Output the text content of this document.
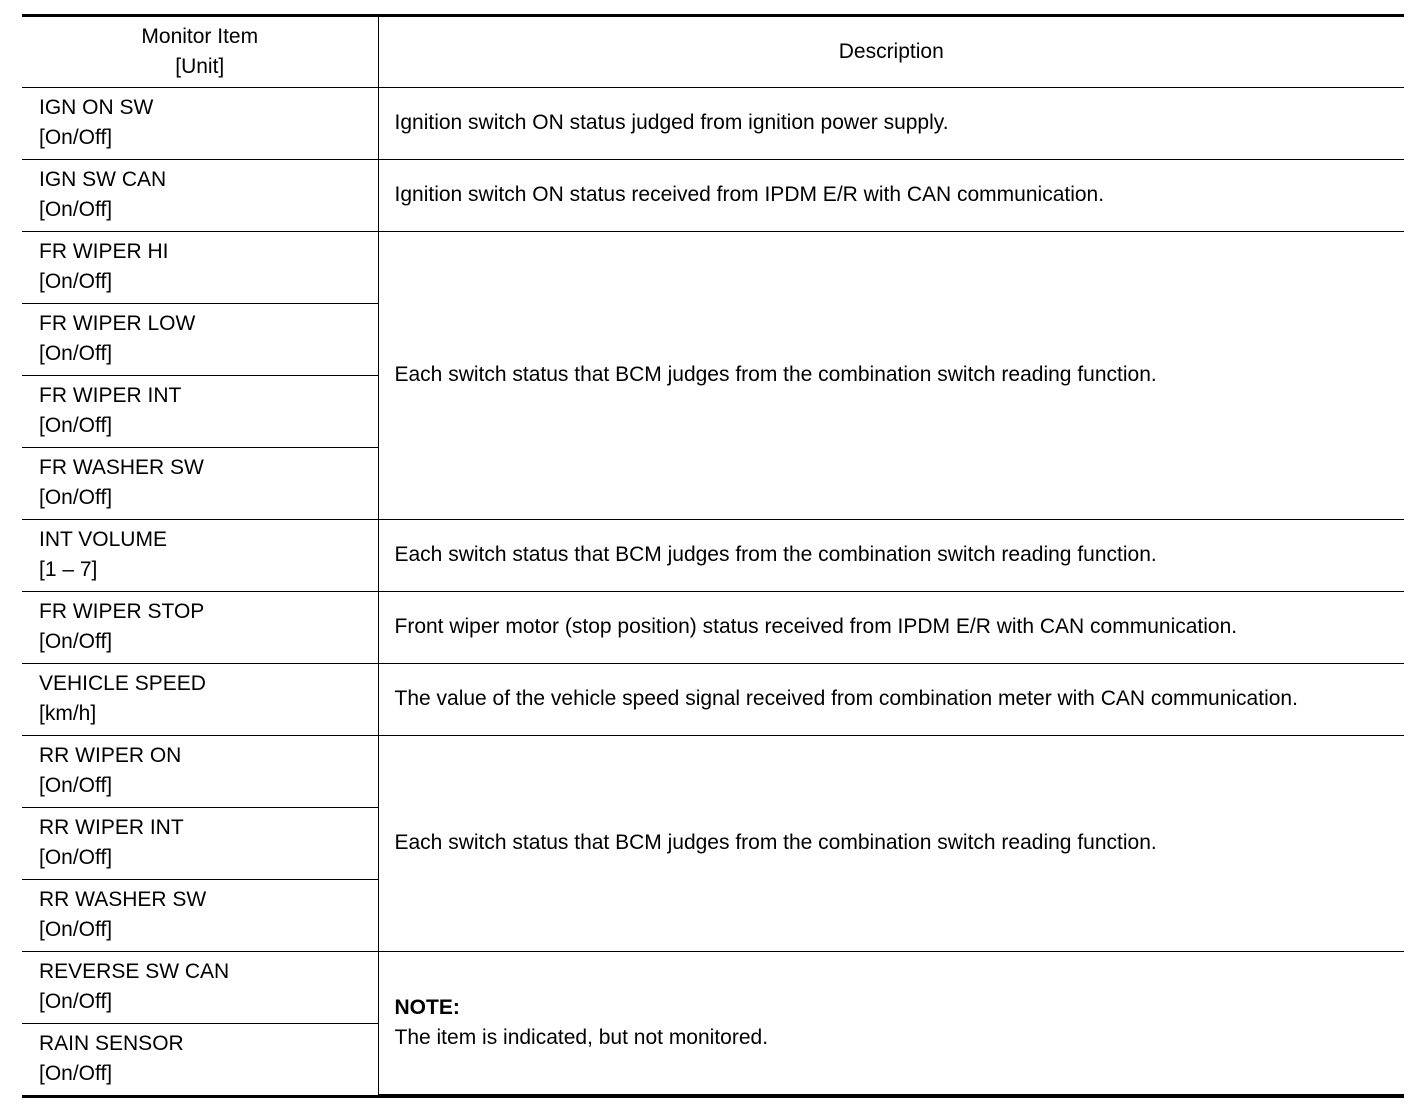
Monitor Item
[Unit]	Description

IGN ON SW
[On/Off]	Ignition switch ON status judged from ignition power supply.

IGN SW CAN
[On/Off]	Ignition switch ON status received from IPDM E/R with CAN communication.

FR WIPER HI
[On/Off]	Each switch status that BCM judges from the combination switch reading function.

FR WIPER LOW
[On/Off]	

FR WIPER INT
[On/Off]	

FR WASHER SW
[On/Off]	

INT VOLUME
[1 – 7]	Each switch status that BCM judges from the combination switch reading function.

FR WIPER STOP
[On/Off]	Front wiper motor (stop position) status received from IPDM E/R with CAN communication.

VEHICLE SPEED
[km/h]	The value of the vehicle speed signal received from combination meter with CAN communication.

RR WIPER ON
[On/Off]	Each switch status that BCM judges from the combination switch reading function.

RR WIPER INT
[On/Off]	

RR WASHER SW
[On/Off]	

REVERSE SW CAN
[On/Off]	NOTE:
The item is indicated, but not monitored.

RAIN SENSOR
[On/Off]	
